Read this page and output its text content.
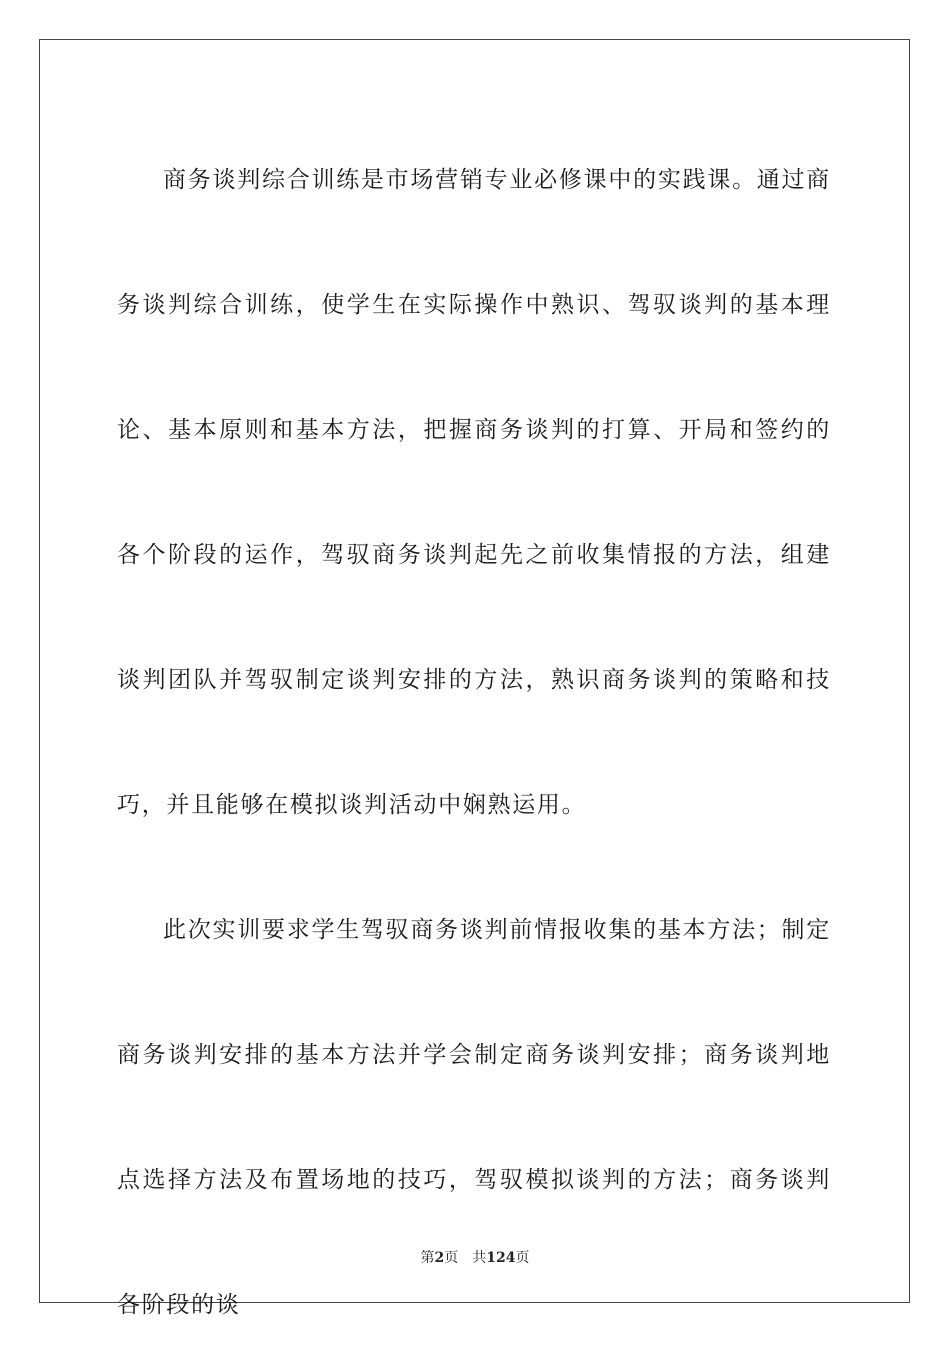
商务谈判综合训练是市场营销专业必修课中的实践课。通过商务谈判综合训练，使学生在实际操作中熟识、驾驭谈判的基本理论、基本原则和基本方法，把握商务谈判的打算、开局和签约的各个阶段的运作，驾驭商务谈判起先之前收集情报的方法，组建谈判团队并驾驭制定谈判安排的方法，熟识商务谈判的策略和技巧，并且能够在模拟谈判活动中娴熟运用。

此次实训要求学生驾驭商务谈判前情报收集的基本方法；制定商务谈判安排的基本方法并学会制定商务谈判安排；商务谈判地点选择方法及布置场地的技巧，驾驭模拟谈判的方法；商务谈判各阶段的谈

第2页 共124页
